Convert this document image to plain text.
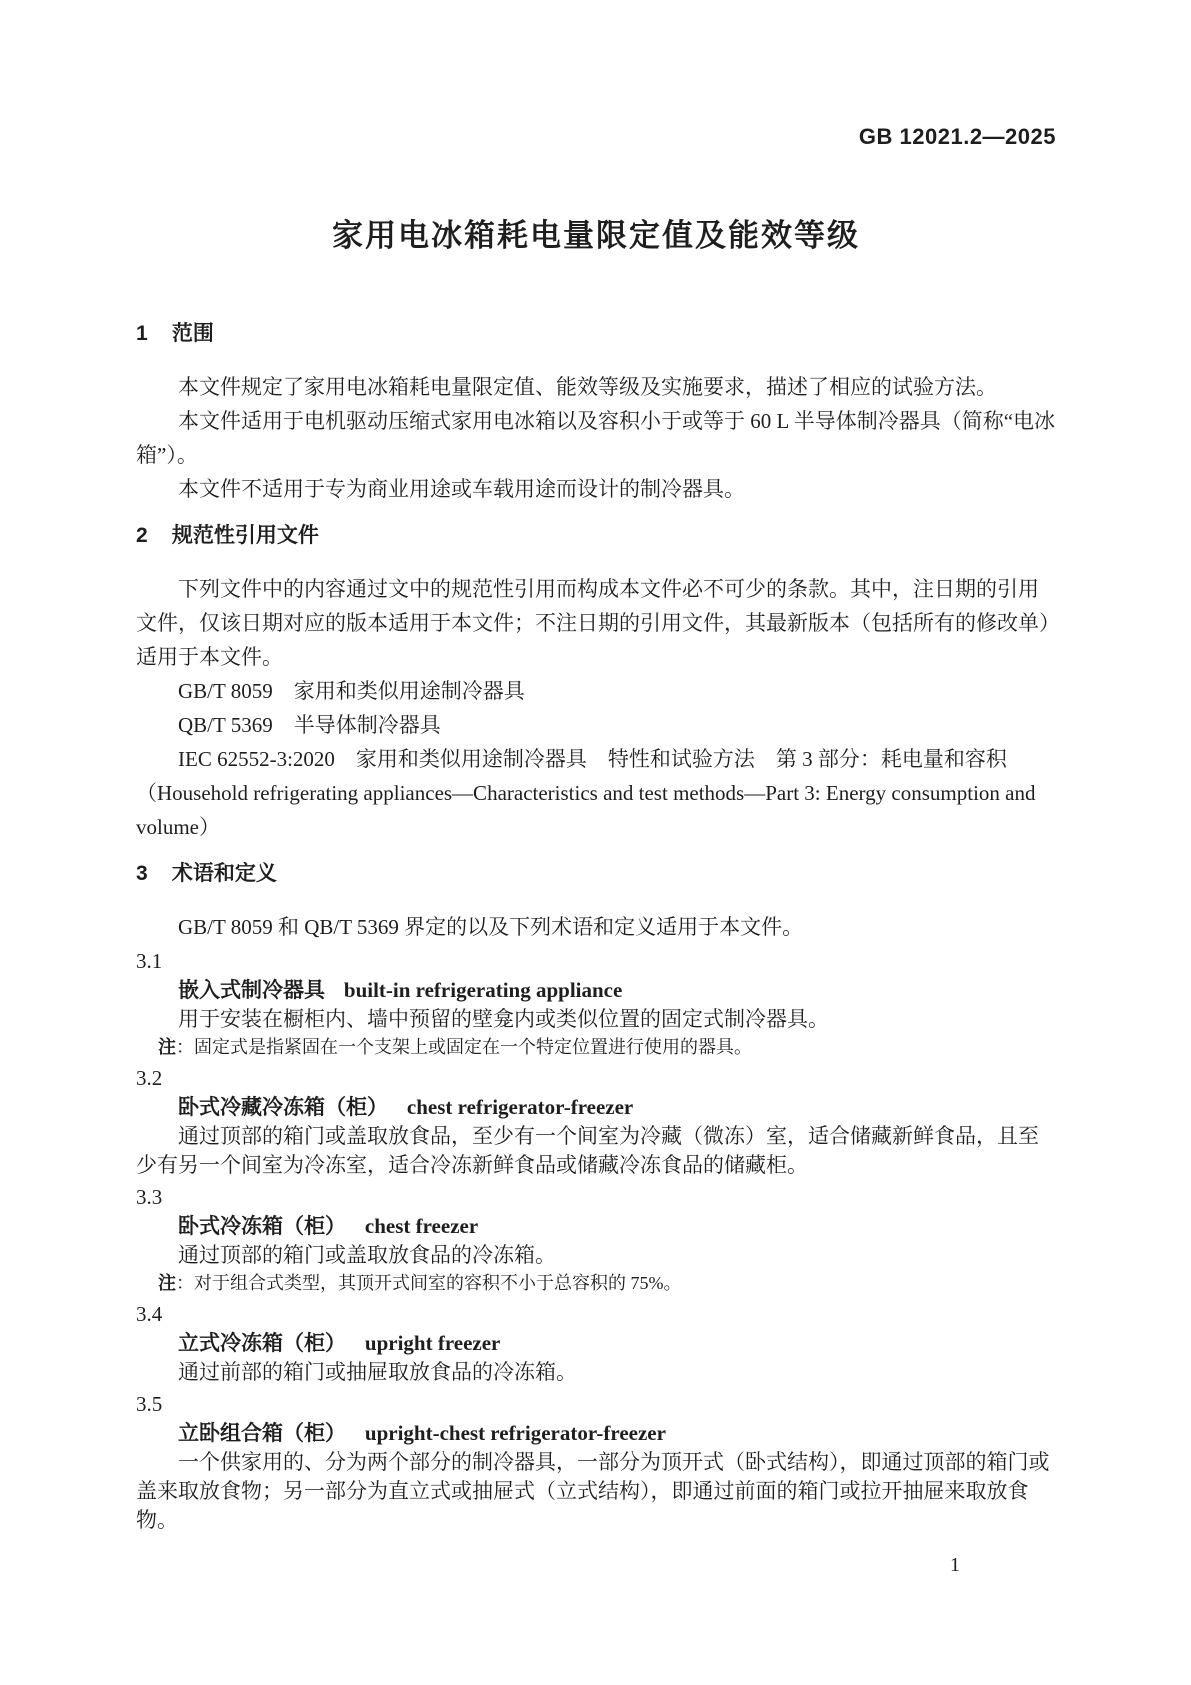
GB 12021.2—2025
家用电冰箱耗电量限定值及能效等级
1 范围

本文件规定了家用电冰箱耗电量限定值、能效等级及实施要求，描述了相应的试验方法。

本文件适用于电机驱动压缩式家用电冰箱以及容积小于或等于 60 L 半导体制冷器具（简称“电冰箱”）。

本文件不适用于专为商业用途或车载用途而设计的制冷器具。

2 规范性引用文件

下列文件中的内容通过文中的规范性引用而构成本文件必不可少的条款。其中，注日期的引用文件，仅该日期对应的版本适用于本文件；不注日期的引用文件，其最新版本（包括所有的修改单）适用于本文件。

GB/T 8059 家用和类似用途制冷器具

QB/T 5369 半导体制冷器具

IEC 62552-3:2020 家用和类似用途制冷器具　特性和试验方法　第 3 部分：耗电量和容积（Household refrigerating appliances—Characteristics and test methods—Part 3: Energy consumption and volume）

3 术语和定义

GB/T 8059 和 QB/T 5369 界定的以及下列术语和定义适用于本文件。

3.1

嵌入式制冷器具 built-in refrigerating appliance

用于安装在橱柜内、墙中预留的壁龛内或类似位置的固定式制冷器具。

注：固定式是指紧固在一个支架上或固定在一个特定位置进行使用的器具。

3.2

卧式冷藏冷冻箱（柜） chest refrigerator-freezer

通过顶部的箱门或盖取放食品，至少有一个间室为冷藏（微冻）室，适合储藏新鲜食品，且至少有另一个间室为冷冻室，适合冷冻新鲜食品或储藏冷冻食品的储藏柜。

3.3

卧式冷冻箱（柜） chest freezer

通过顶部的箱门或盖取放食品的冷冻箱。

注：对于组合式类型，其顶开式间室的容积不小于总容积的 75%。

3.4

立式冷冻箱（柜） upright freezer

通过前部的箱门或抽屉取放食品的冷冻箱。

3.5

立卧组合箱（柜） upright-chest refrigerator-freezer

一个供家用的、分为两个部分的制冷器具，一部分为顶开式（卧式结构），即通过顶部的箱门或盖来取放食物；另一部分为直立式或抽屉式（立式结构），即通过前面的箱门或拉开抽屉来取放食物。

1
